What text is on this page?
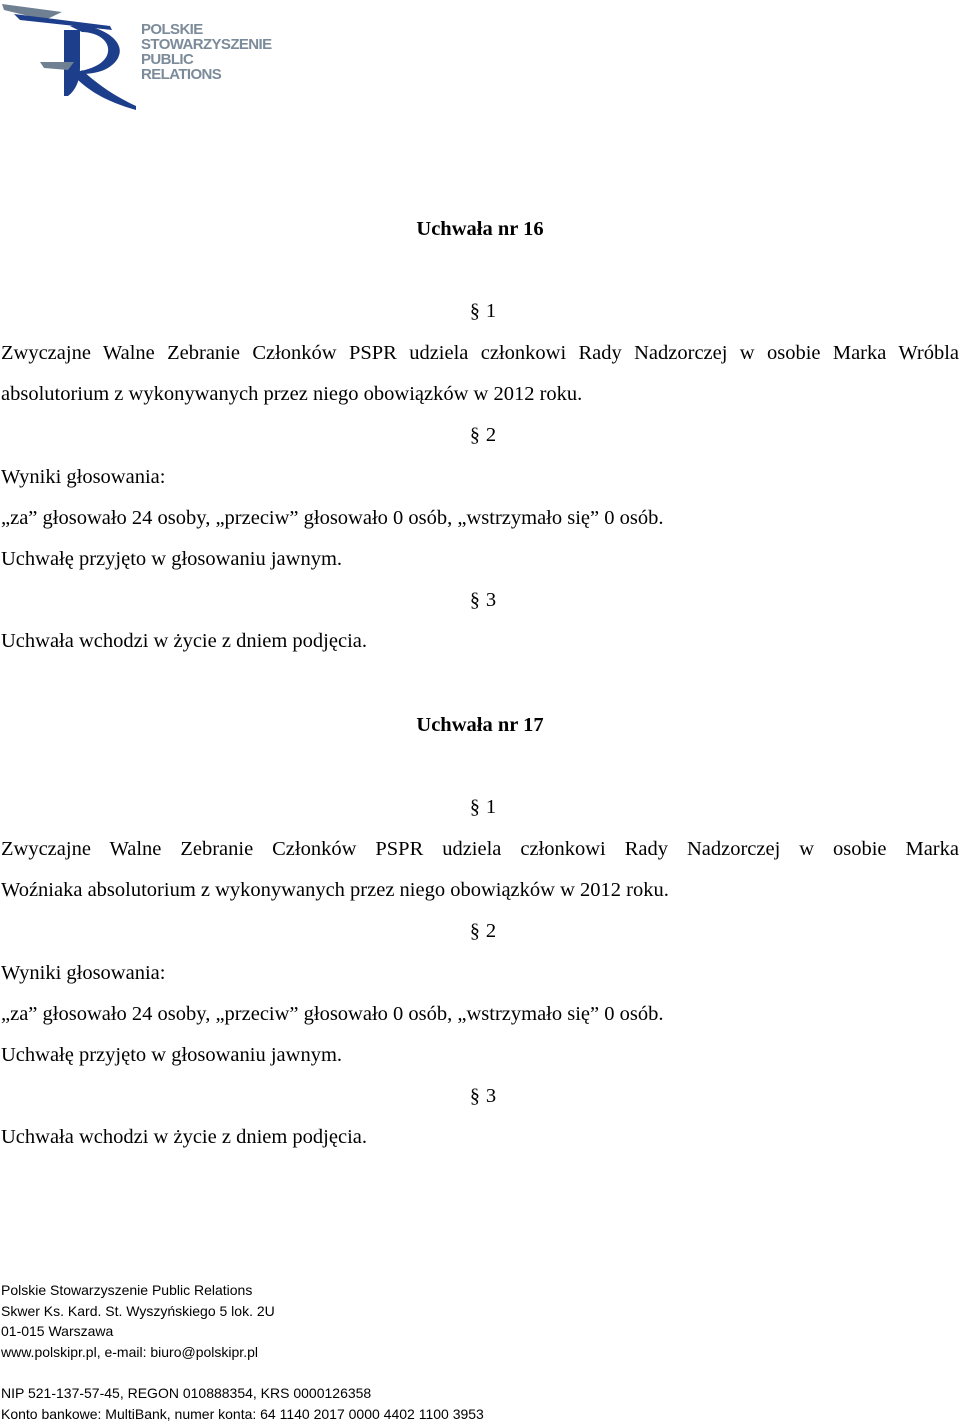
POLSKIE
STOWARZYSZENIE
PUBLIC
RELATIONS
Uchwała nr 16
§ 1
Zwyczajne Walne Zebranie Członków PSPR udziela członkowi Rady Nadzorczej w osobie Marka Wróbla
absolutorium z wykonywanych przez niego obowiązków w 2012 roku.
§ 2
Wyniki głosowania:
„za” głosowało 24 osoby, „przeciw” głosowało 0 osób, „wstrzymało się” 0 osób.
Uchwałę przyjęto w głosowaniu jawnym.
§ 3
Uchwała wchodzi w życie z dniem podjęcia.
Uchwała nr 17
§ 1
Zwyczajne Walne Zebranie Członków PSPR udziela członkowi Rady Nadzorczej w osobie Marka
Woźniaka absolutorium z wykonywanych przez niego obowiązków w 2012 roku.
§ 2
Wyniki głosowania:
„za” głosowało 24 osoby, „przeciw” głosowało 0 osób, „wstrzymało się” 0 osób.
Uchwałę przyjęto w głosowaniu jawnym.
§ 3
Uchwała wchodzi w życie z dniem podjęcia.
Polskie Stowarzyszenie Public Relations
Skwer Ks. Kard. St. Wyszyńskiego 5 lok. 2U
01-015 Warszawa
www.polskipr.pl, e-mail: biuro@polskipr.pl
NIP 521-137-57-45, REGON 010888354, KRS 0000126358
Konto bankowe: MultiBank, numer konta: 64 1140 2017 0000 4402 1100 3953
